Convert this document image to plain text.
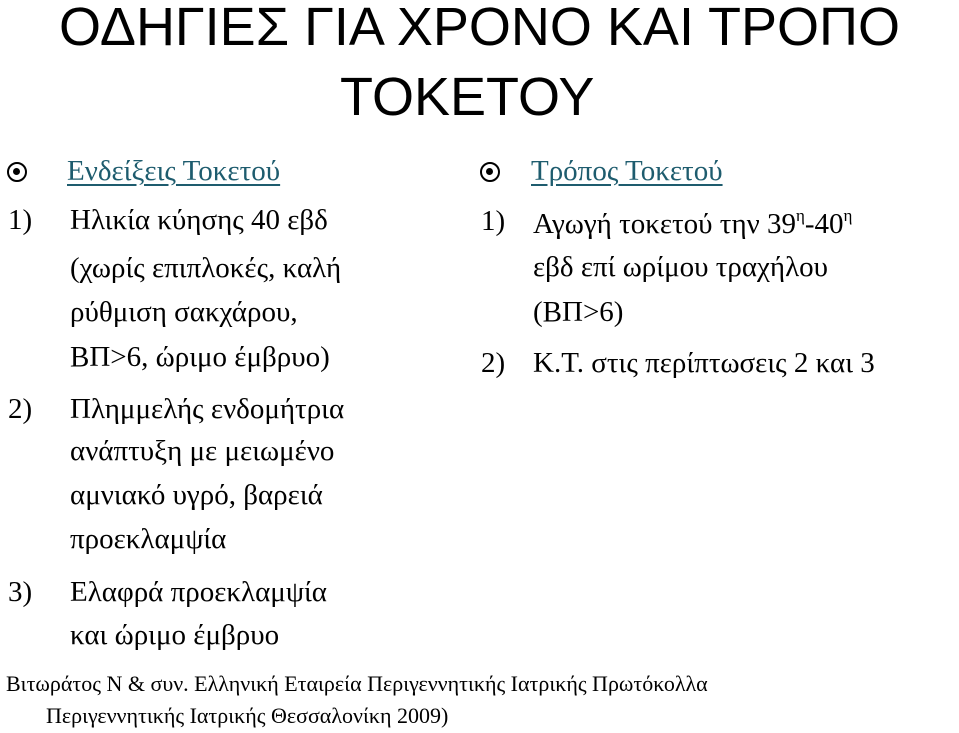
ΟΔΗΓΙΕΣ ΓΙΑ ΧΡΟΝΟ ΚΑΙ ΤΡΟΠΟ
ΤΟΚΕΤΟΥ
Ενδείξεις Τοκετού
1) Ηλικία κύησης 40 εβδ
(χωρίς επιπλοκές, καλή
ρύθμιση σακχάρου,
ΒΠ>6, ώριμο έμβρυο)
2) Πλημμελής ενδομήτρια
ανάπτυξη με μειωμένο
αμνιακό υγρό, βαρειά
προεκλαμψία
3) Ελαφρά προεκλαμψία
και ώριμο έμβρυο
Τρόπος Τοκετού
1) Αγωγή τοκετού την $39^\eta-40^\eta$
εβδ επί ωρίμου τραχήλου
(ΒΠ>6)
2) Κ.Τ. στις περίπτωσεις 2 και 3
Βιτωράτος Ν & συν. Ελληνική Εταιρεία Περιγεννητικής Ιατρικής Πρωτόκολλα
Περιγεννητικής Ιατρικής Θεσσαλονίκη 2009)
